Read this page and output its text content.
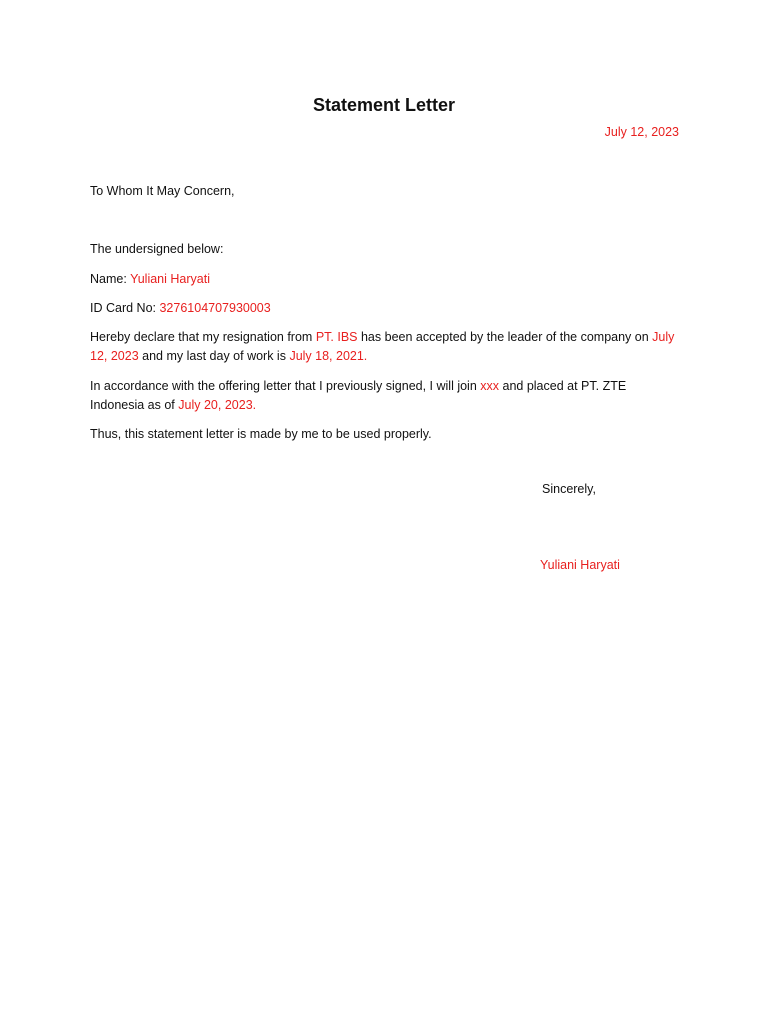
Statement Letter
July 12, 2023
To Whom It May Concern,
The undersigned below:
Name: Yuliani Haryati
ID Card No: 3276104707930003
Hereby declare that my resignation from PT. IBS has been accepted by the leader of the company on July 12, 2023 and my last day of work is July 18, 2021.
In accordance with the offering letter that I previously signed, I will join xxx and placed at PT. ZTE Indonesia as of July 20, 2023.
Thus, this statement letter is made by me to be used properly.
Sincerely,
Yuliani Haryati
